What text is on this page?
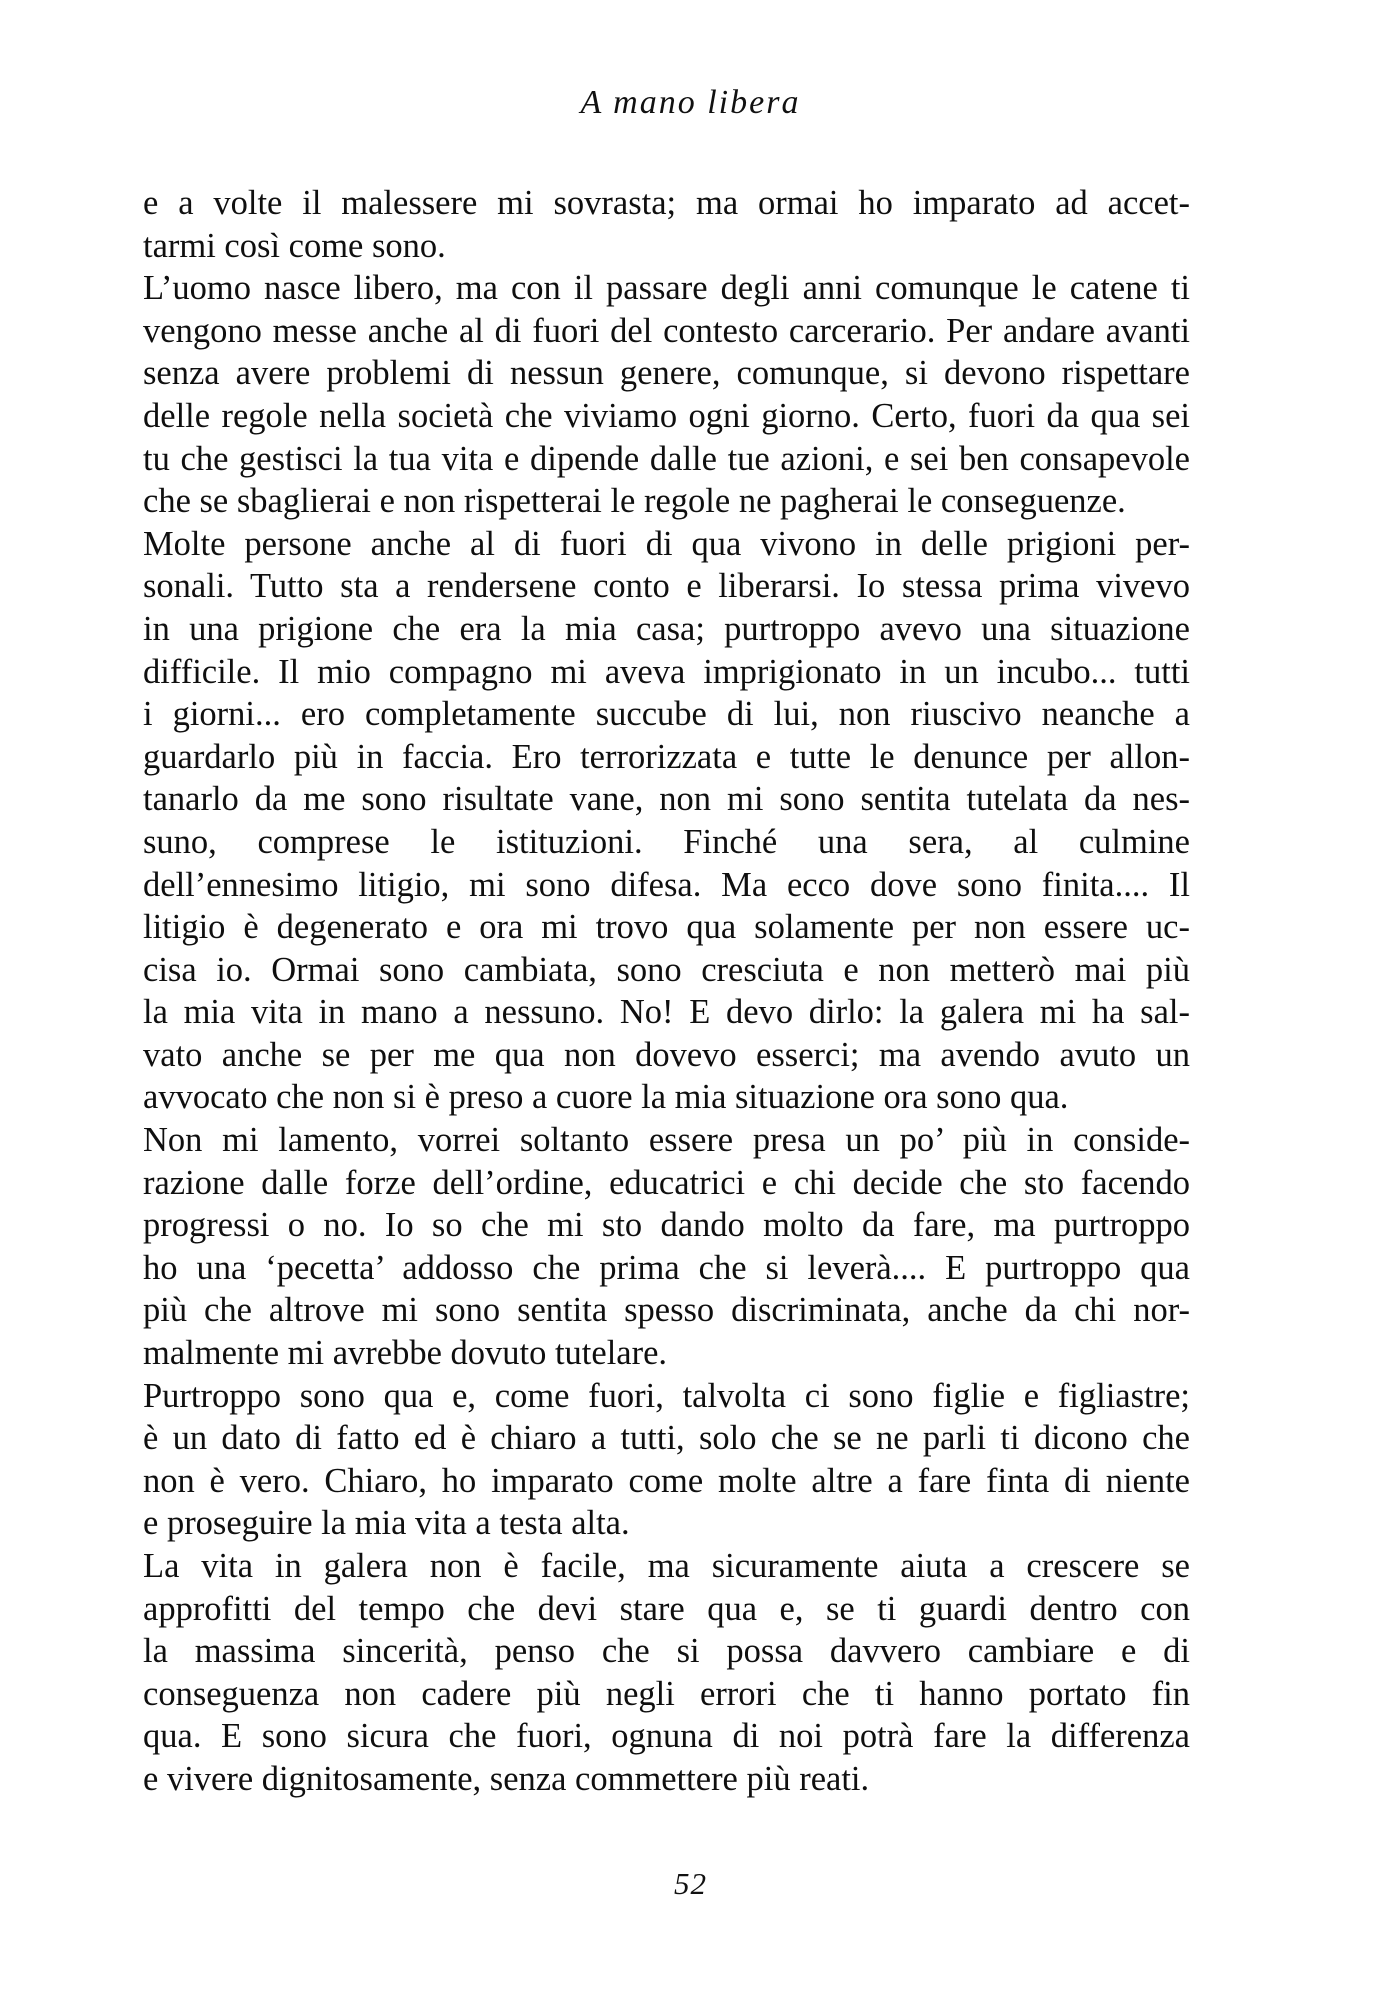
A mano libera
e a volte il malessere mi sovrasta; ma ormai ho imparato ad accet-
tarmi così come sono.
L’uomo nasce libero, ma con il passare degli anni comunque le catene ti
vengono messe anche al di fuori del contesto carcerario. Per andare avanti
senza avere problemi di nessun genere, comunque, si devono rispettare
delle regole nella società che viviamo ogni giorno. Certo, fuori da qua sei
tu che gestisci la tua vita e dipende dalle tue azioni, e sei ben consapevole
che se sbaglierai e non rispetterai le regole ne pagherai le conseguenze.
Molte persone anche al di fuori di qua vivono in delle prigioni per-
sonali. Tutto sta a rendersene conto e liberarsi. Io stessa prima vivevo
in una prigione che era la mia casa; purtroppo avevo una situazione
difficile. Il mio compagno mi aveva imprigionato in un incubo... tutti
i giorni... ero completamente succube di lui, non riuscivo neanche a
guardarlo più in faccia. Ero terrorizzata e tutte le denunce per allon-
tanarlo da me sono risultate vane, non mi sono sentita tutelata da nes-
suno, comprese le istituzioni. Finché una sera, al culmine
dell’ennesimo litigio, mi sono difesa. Ma ecco dove sono finita.... Il
litigio è degenerato e ora mi trovo qua solamente per non essere uc-
cisa io. Ormai sono cambiata, sono cresciuta e non metterò mai più
la mia vita in mano a nessuno. No! E devo dirlo: la galera mi ha sal-
vato anche se per me qua non dovevo esserci; ma avendo avuto un
avvocato che non si è preso a cuore la mia situazione ora sono qua.
Non mi lamento, vorrei soltanto essere presa un po’ più in conside-
razione dalle forze dell’ordine, educatrici e chi decide che sto facendo
progressi o no. Io so che mi sto dando molto da fare, ma purtroppo
ho una ‘pecetta’ addosso che prima che si leverà.... E purtroppo qua
più che altrove mi sono sentita spesso discriminata, anche da chi nor-
malmente mi avrebbe dovuto tutelare.
Purtroppo sono qua e, come fuori, talvolta ci sono figlie e figliastre;
è un dato di fatto ed è chiaro a tutti, solo che se ne parli ti dicono che
non è vero. Chiaro, ho imparato come molte altre a fare finta di niente
e proseguire la mia vita a testa alta.
La vita in galera non è facile, ma sicuramente aiuta a crescere se
approfitti del tempo che devi stare qua e, se ti guardi dentro con
la massima sincerità, penso che si possa davvero cambiare e di
conseguenza non cadere più negli errori che ti hanno portato fin
qua. E sono sicura che fuori, ognuna di noi potrà fare la differenza
e vivere dignitosamente, senza commettere più reati.
52
